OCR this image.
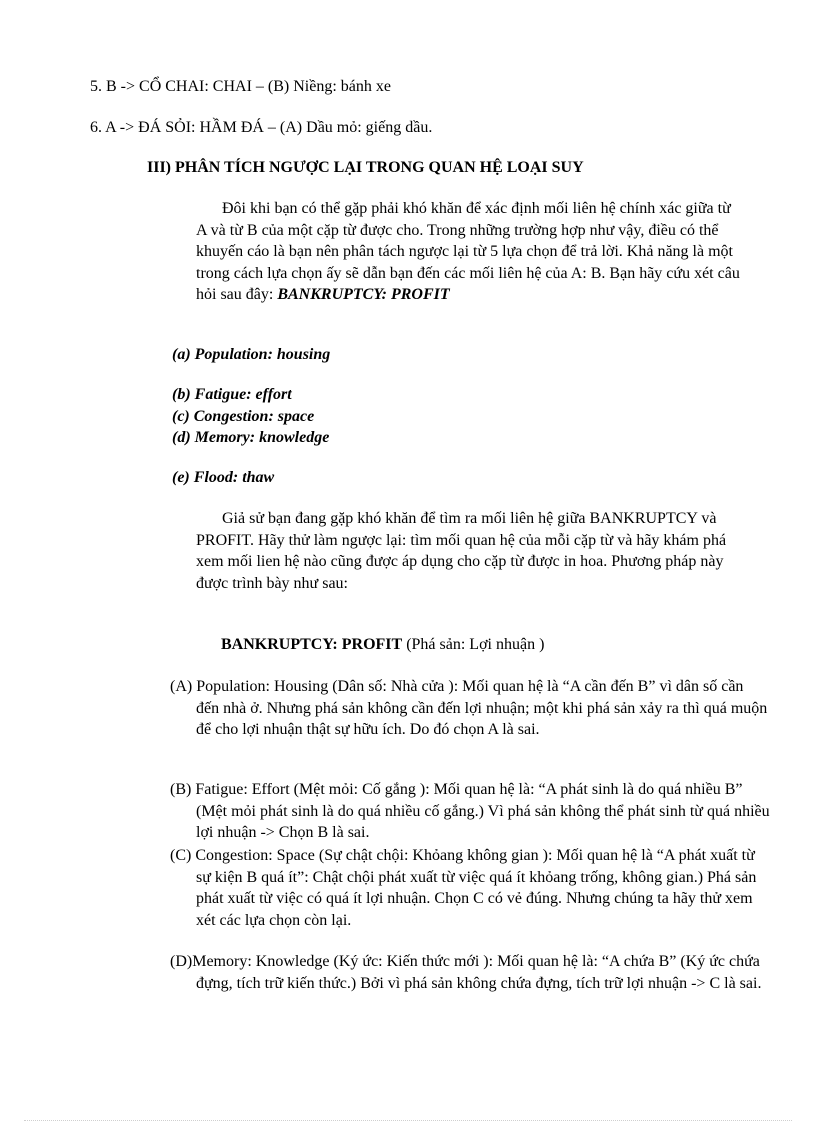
5. B -> CỔ CHAI: CHAI – (B) Niềng: bánh xe
6. A -> ĐÁ SỎI: HẦM ĐÁ – (A) Dầu mỏ: giếng dầu.
III) PHÂN TÍCH NGƯỢC LẠI TRONG QUAN HỆ LOẠI SUY
Đôi khi bạn có thể gặp phải khó khăn để xác định mối liên hệ chính xác giữa từ A và từ B của một cặp từ được cho. Trong những trường hợp như vậy, điều có thể khuyến cáo là bạn nên phân tách ngược lại từ 5 lựa chọn để trả lời. Khả năng là một trong cách lựa chọn ấy sẽ dẫn bạn đến các mối liên hệ của A: B. Bạn hãy cứu xét câu hỏi sau đây: BANKRUPTCY: PROFIT
(a) Population: housing
(b) Fatigue: effort
(c) Congestion: space
(d) Memory: knowledge
(e) Flood: thaw
Giả sử bạn đang gặp khó khăn để tìm ra mối liên hệ giữa BANKRUPTCY và PROFIT. Hãy thử làm ngược lại: tìm mối quan hệ của mỗi cặp từ và hãy khám phá xem mối lien hệ nào cũng được áp dụng cho cặp từ được in hoa. Phương pháp này được trình bày như sau:
BANKRUPTCY: PROFIT (Phá sản: Lợi nhuận )
(A) Population: Housing (Dân số: Nhà cửa ): Mối quan hệ là “A cần đến B” vì dân số cần đến nhà ở. Nhưng phá sản không cần đến lợi nhuận; một khi phá sản xảy ra thì quá muộn để cho lợi nhuận thật sự hữu ích. Do đó chọn A là sai.
(B) Fatigue: Effort (Mệt mỏi: Cố gắng ): Mối quan hệ là: “A phát sinh là do quá nhiều B” (Mệt mỏi phát sinh là do quá nhiều cố gắng.) Vì phá sản không thể phát sinh từ quá nhiều lợi nhuận -> Chọn B là sai.
(C) Congestion: Space (Sự chật chội: Khỏang không gian ): Mối quan hệ là “A phát xuất từ sự kiện B quá ít”: Chật chội phát xuất từ việc quá ít khỏang trống, không gian.) Phá sản phát xuất từ việc có quá ít lợi nhuận. Chọn C có vẻ đúng. Nhưng chúng ta hãy thử xem xét các lựa chọn còn lại.
(D)Memory: Knowledge (Ký ức: Kiến thức mới ): Mối quan hệ là: “A chứa B” (Ký ức chứa đựng, tích trữ kiến thức.) Bởi vì phá sản không chứa đựng, tích trữ lợi nhuận -> C là sai.
